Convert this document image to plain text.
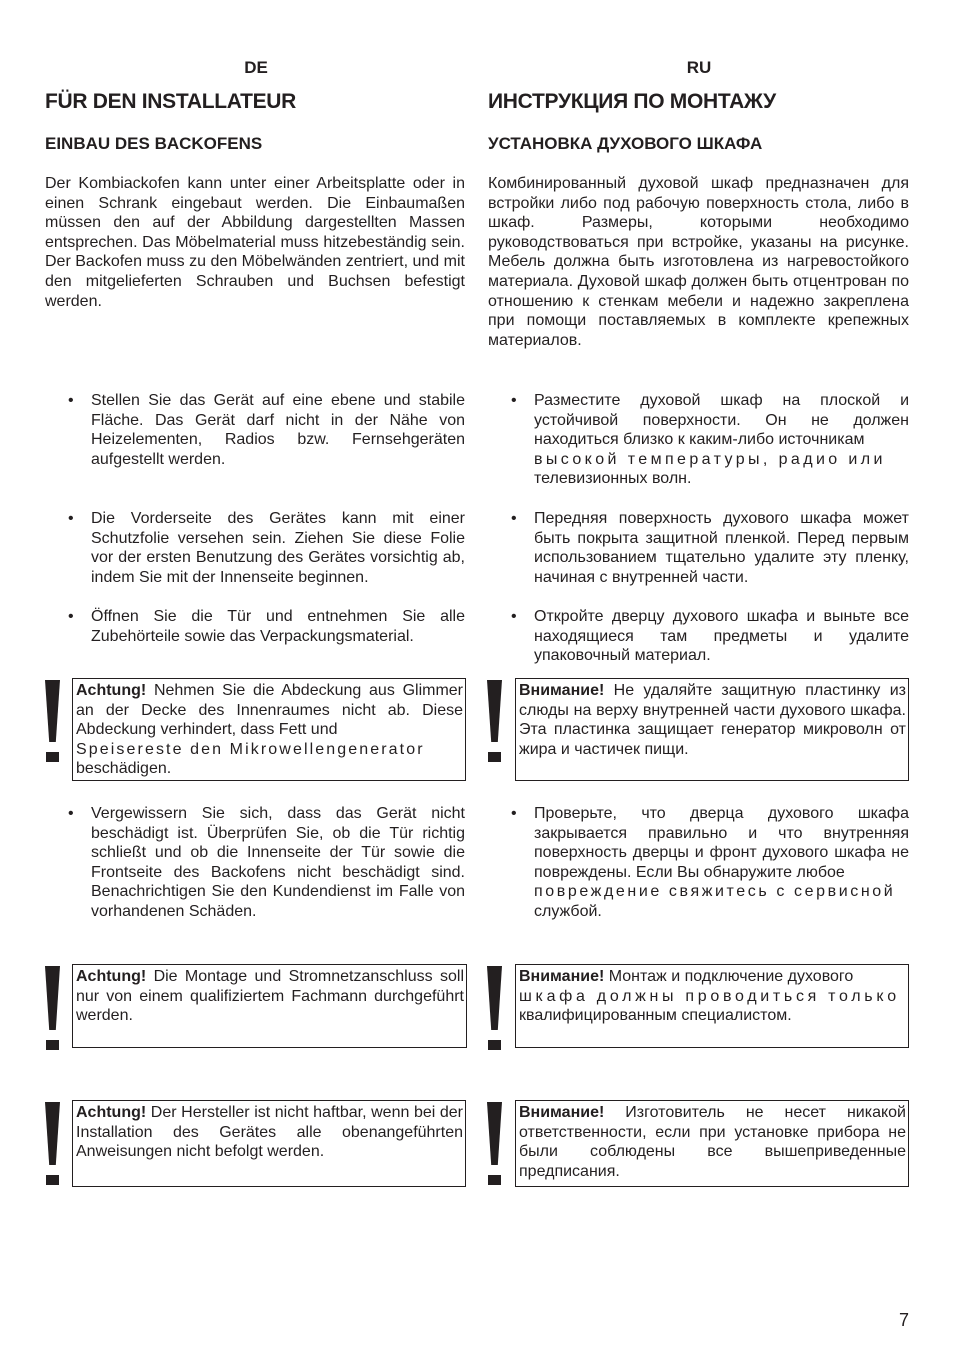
DE	RU
FÜR DEN INSTALLATEUR	ИНСТРУКЦИЯ ПО МОНТАЖУ
EINBAU DES BACKOFENS	УСТАНОВКА ДУХОВОГО ШКАФА

Der Kombiackofen kann unter einer Arbeitsplatte oder in einen Schrank eingebaut werden. Die Einbaumaßen müssen den auf der Abbildung dargestellten Massen entsprechen. Das Möbelmaterial muss hitzebeständig sein. Der Backofen muss zu den Möbelwänden zentriert, und mit den mitgelieferten Schrauben und Buchsen befestigt werden.

Комбинированный духовой шкаф предназначен для встройки либо под рабочую поверхность стола, либо в шкаф. Размеры, которыми необходимо руководствоваться при встройке, указаны на рисунке. Мебель должна быть изготовлена из нагревостойкого материала. Духовой шкаф должен быть отцентрован по отношению к стенкам мебели и надежно закреплена при помощи поставляемых в комплекте крепежных материалов.

• Stellen Sie das Gerät auf eine ebene und stabile Fläche. Das Gerät darf nicht in der Nähe von Heizelementen, Radios bzw. Fernsehgeräten aufgestellt werden.
• Разместите духовой шкаф на плоской и устойчивой поверхности. Он не должен находиться близко к каким-либо источникам
высокой температуры, радио или
телевизионных волн.
• Die Vorderseite des Gerätes kann mit einer Schutzfolie versehen sein. Ziehen Sie diese Folie vor der ersten Benutzung des Gerätes vorsichtig ab, indem Sie mit der Innenseite beginnen.
• Передняя поверхность духового шкафа может быть покрыта защитной пленкой. Перед первым использованием тщательно удалите эту пленку, начиная с внутренней части.
• Öffnen Sie die Tür und entnehmen Sie alle Zubehörteile sowie das Verpackungsmaterial.
• Откройте дверцу духового шкафа и выньте все находящиеся там предметы и удалите упаковочный материал.
Achtung! Nehmen Sie die Abdeckung aus Glimmer an der Decke des Innenraumes nicht ab. Diese Abdeckung verhindert, dass Fett und
Speisereste den Mikrowellengenerator
beschädigen.
Внимание! Не удаляйте защитную пластинку из слюды на верху внутренней части духового шкафа. Эта пластинка защищает генератор микроволн от жира и частичек пищи.
• Vergewissern Sie sich, dass das Gerät nicht beschädigt ist. Überprüfen Sie, ob die Tür richtig schließt und ob die Innenseite der Tür sowie die Frontseite des Backofens nicht beschädigt sind. Benachrichtigen Sie den Kundendienst im Falle von vorhandenen Schäden.
• Проверьте, что дверца духового шкафа закрывается правильно и что внутренняя поверхность дверцы и фронт духового шкафа не повреждены. Если Вы обнаружите любое
повреждение свяжитесь с сервисной
службой.
Achtung! Die Montage und Stromnetzanschluss soll nur von einem qualifiziertem Fachmann durchgeführt werden.
Внимание! Монтаж и подключение духового
шкафа должны проводиться только
квалифицированным специалистом.
Achtung! Der Hersteller ist nicht haftbar, wenn bei der Installation des Gerätes alle obenangeführten Anweisungen nicht befolgt werden.
Внимание! Изготовитель не несет никакой ответственности, если при установке прибора не были соблюдены все вышеприведенные предписания.
7
